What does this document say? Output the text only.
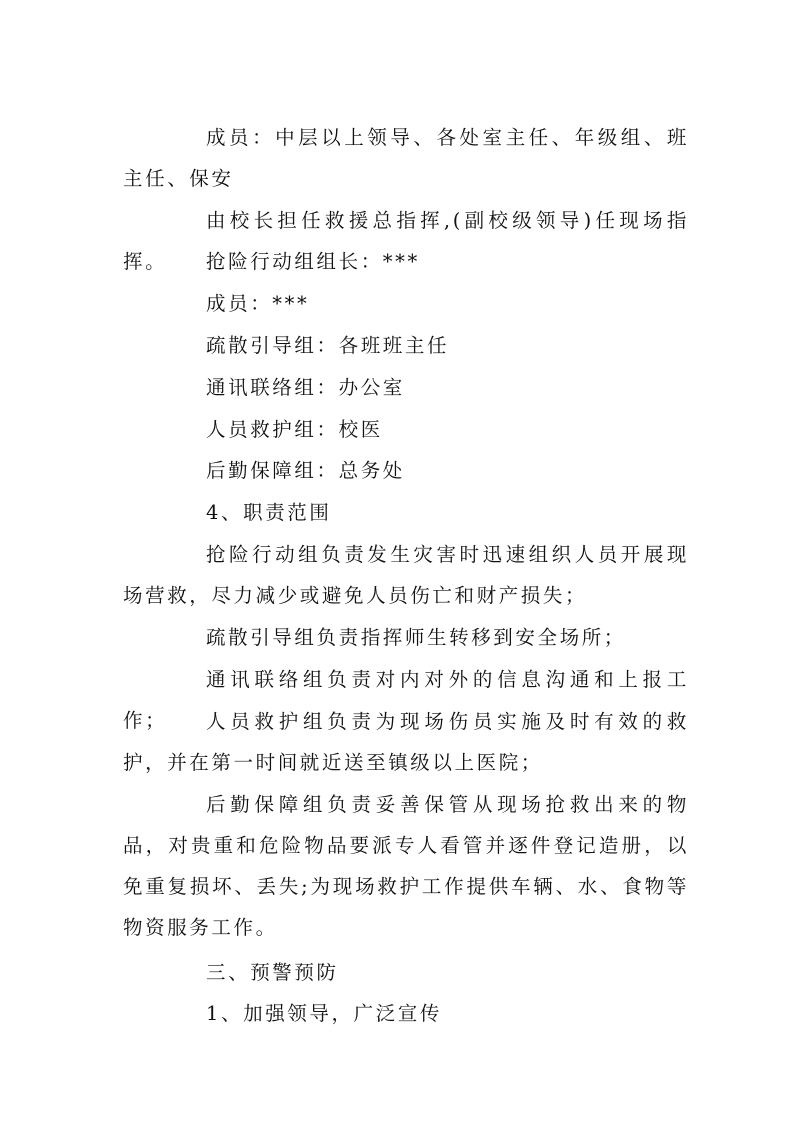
成员：中层以上领导、各处室主任、年级组、班主任、保安

由校长担任救援总指挥,(副校级领导)任现场指挥。	抢险行动组组长：***

成员：***

疏散引导组：各班班主任

通讯联络组：办公室

人员救护组：校医

后勤保障组：总务处

4、职责范围

抢险行动组负责发生灾害时迅速组织人员开展现场营救，尽力减少或避免人员伤亡和财产损失；

疏散引导组负责指挥师生转移到安全场所；

通讯联络组负责对内对外的信息沟通和上报工作；	人员救护组负责为现场伤员实施及时有效的救护，并在第一时间就近送至镇级以上医院；

后勤保障组负责妥善保管从现场抢救出来的物品，对贵重和危险物品要派专人看管并逐件登记造册，以免重复损坏、丢失;为现场救护工作提供车辆、水、食物等物资服务工作。

三、预警预防

1、加强领导，广泛宣传
